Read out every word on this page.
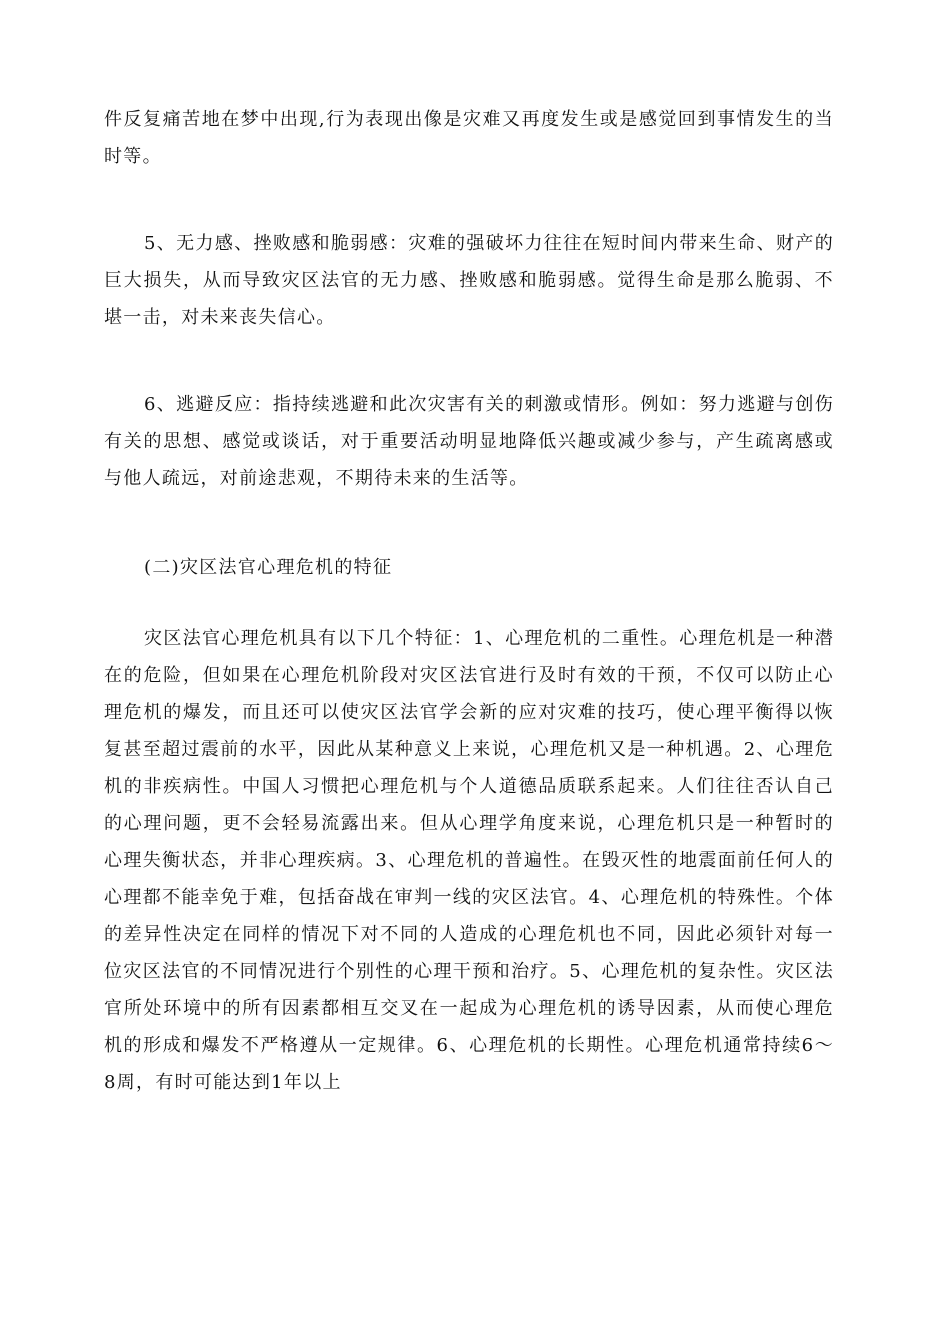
件反复痛苦地在梦中出现,行为表现出像是灾难又再度发生或是感觉回到事情发生的当时等。

5、无力感、挫败感和脆弱感：灾难的强破坏力往往在短时间内带来生命、财产的巨大损失，从而导致灾区法官的无力感、挫败感和脆弱感。觉得生命是那么脆弱、不堪一击，对未来丧失信心。

6、逃避反应：指持续逃避和此次灾害有关的刺激或情形。例如：努力逃避与创伤有关的思想、感觉或谈话，对于重要活动明显地降低兴趣或减少参与，产生疏离感或与他人疏远，对前途悲观，不期待未来的生活等。

(二)灾区法官心理危机的特征

灾区法官心理危机具有以下几个特征：1、心理危机的二重性。心理危机是一种潜在的危险，但如果在心理危机阶段对灾区法官进行及时有效的干预，不仅可以防止心理危机的爆发，而且还可以使灾区法官学会新的应对灾难的技巧，使心理平衡得以恢复甚至超过震前的水平，因此从某种意义上来说，心理危机又是一种机遇。2、心理危机的非疾病性。中国人习惯把心理危机与个人道德品质联系起来。人们往往否认自己的心理问题，更不会轻易流露出来。但从心理学角度来说，心理危机只是一种暂时的心理失衡状态，并非心理疾病。3、心理危机的普遍性。在毁灭性的地震面前任何人的心理都不能幸免于难，包括奋战在审判一线的灾区法官。4、心理危机的特殊性。个体的差异性决定在同样的情况下对不同的人造成的心理危机也不同，因此必须针对每一位灾区法官的不同情况进行个别性的心理干预和治疗。5、心理危机的复杂性。灾区法官所处环境中的所有因素都相互交叉在一起成为心理危机的诱导因素，从而使心理危机的形成和爆发不严格遵从一定规律。6、心理危机的长期性。心理危机通常持续6～8周，有时可能达到1年以上
